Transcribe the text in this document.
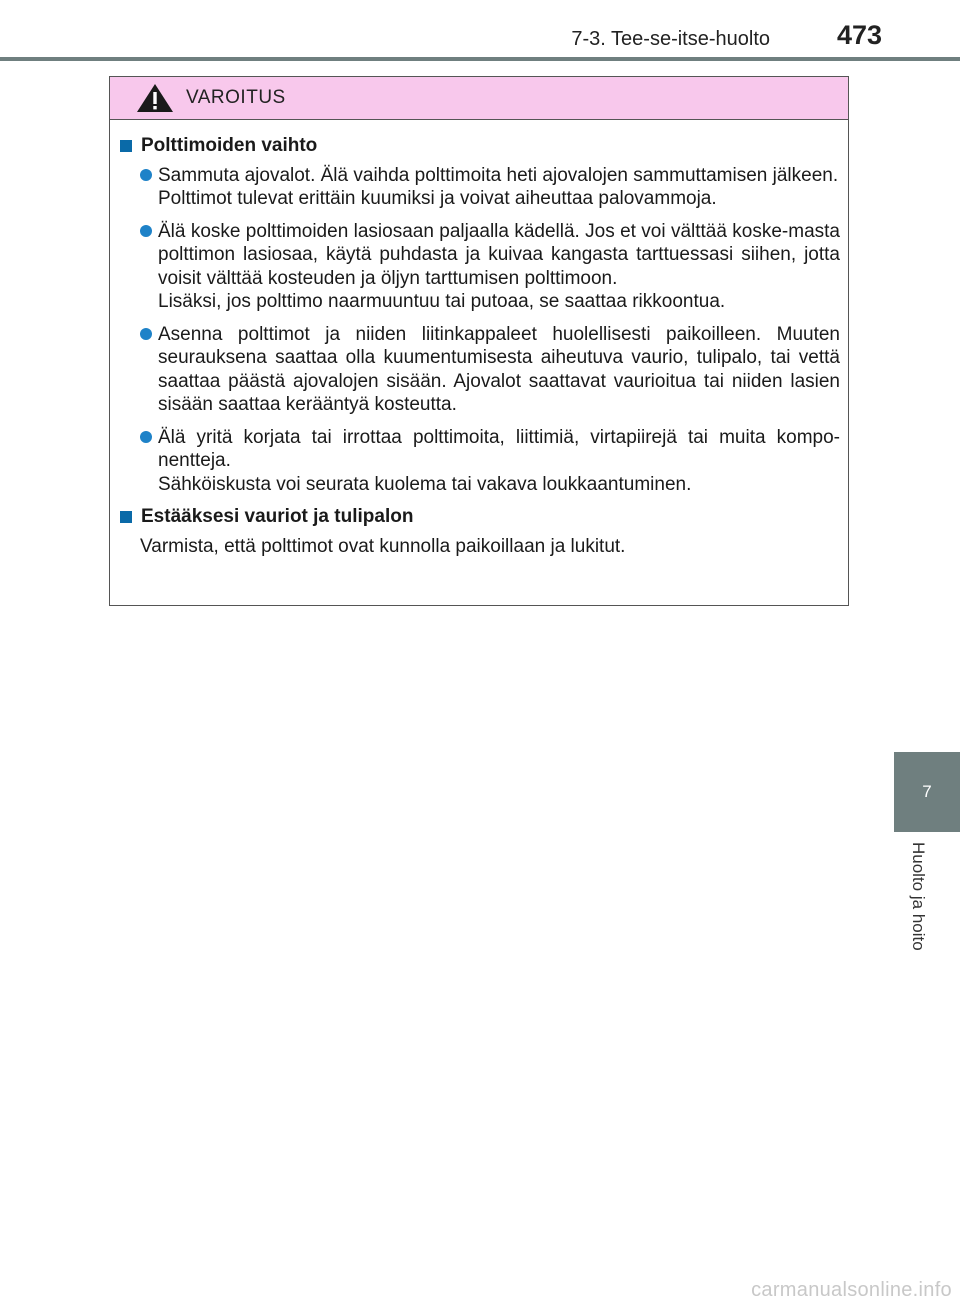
7-3. Tee-se-itse-huolto 473
VAROITUS
Polttimoiden vaihto

Sammuta ajovalot. Älä vaihda polttimoita heti ajovalojen sammuttamisen jälkeen.

Polttimot tulevat erittäin kuumiksi ja voivat aiheuttaa palovammoja.

Älä koske polttimoiden lasiosaan paljaalla kädellä. Jos et voi välttää koske-masta polttimon lasiosaa, käytä puhdasta ja kuivaa kangasta tarttuessasi siihen, jotta voisit välttää kosteuden ja öljyn tarttumisen polttimoon.

Lisäksi, jos polttimo naarmuuntuu tai putoaa, se saattaa rikkoontua.

Asenna polttimot ja niiden liitinkappaleet huolellisesti paikoilleen. Muuten seurauksena saattaa olla kuumentumisesta aiheutuva vaurio, tulipalo, tai vettä saattaa päästä ajovalojen sisään. Ajovalot saattavat vaurioitua tai niiden lasien sisään saattaa kerääntyä kosteutta.

Älä yritä korjata tai irrottaa polttimoita, liittimiä, virtapiirejä tai muita kompo-nentteja.

Sähköiskusta voi seurata kuolema tai vakava loukkaantuminen.

Estääksesi vauriot ja tulipalon

Varmista, että polttimot ovat kunnolla paikoillaan ja lukitut.

7
Huolto ja hoito
carmanualsonline.info
